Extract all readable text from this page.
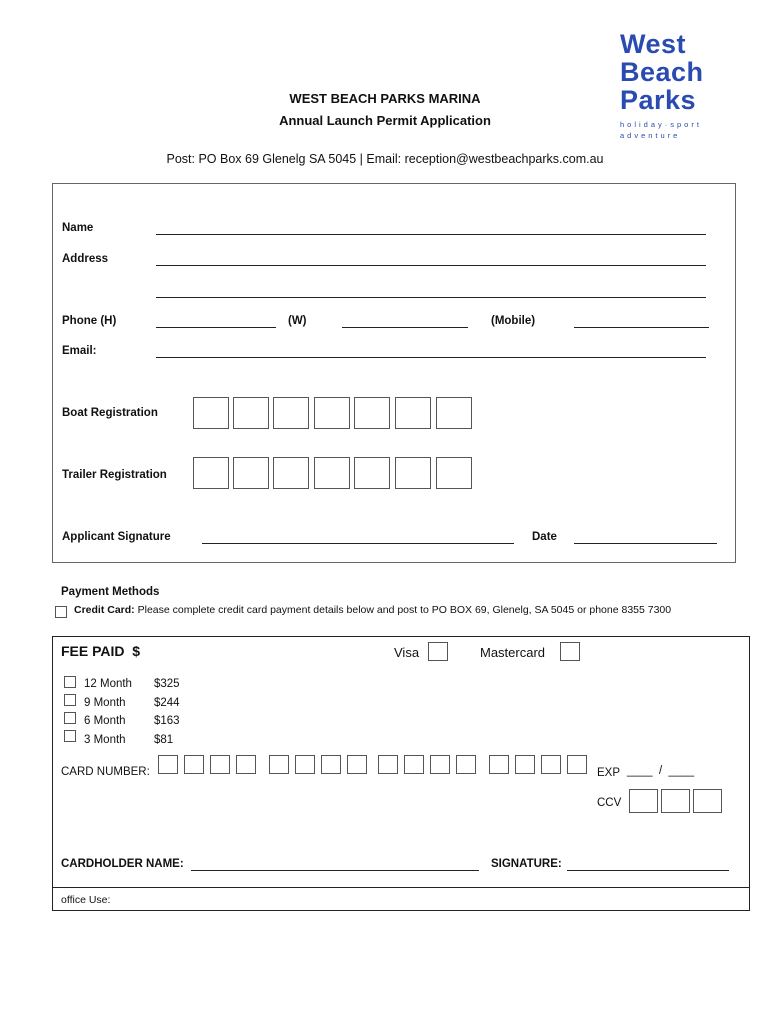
West
Beach
Parks
holiday·sport
adventure
WEST BEACH PARKS MARINA
Annual Launch Permit Application
Post: PO Box 69 Glenelg SA 5045 | Email: reception@westbeachparks.com.au
Name
Address
Phone (H)	(W)	(Mobile)
Email:
Boat Registration
Trailer Registration
Applicant Signature	Date
Payment Methods
Credit Card: Please complete credit card payment details below and post to PO BOX 69, Glenelg, SA 5045 or phone 8355 7300
FEE PAID  $	Visa	Mastercard
12 Month $325
9 Month $244
6 Month $163
3 Month $81
CARD NUMBER:	EXP ____  /  ____
CCV
CARDHOLDER NAME:	SIGNATURE:
office Use:
